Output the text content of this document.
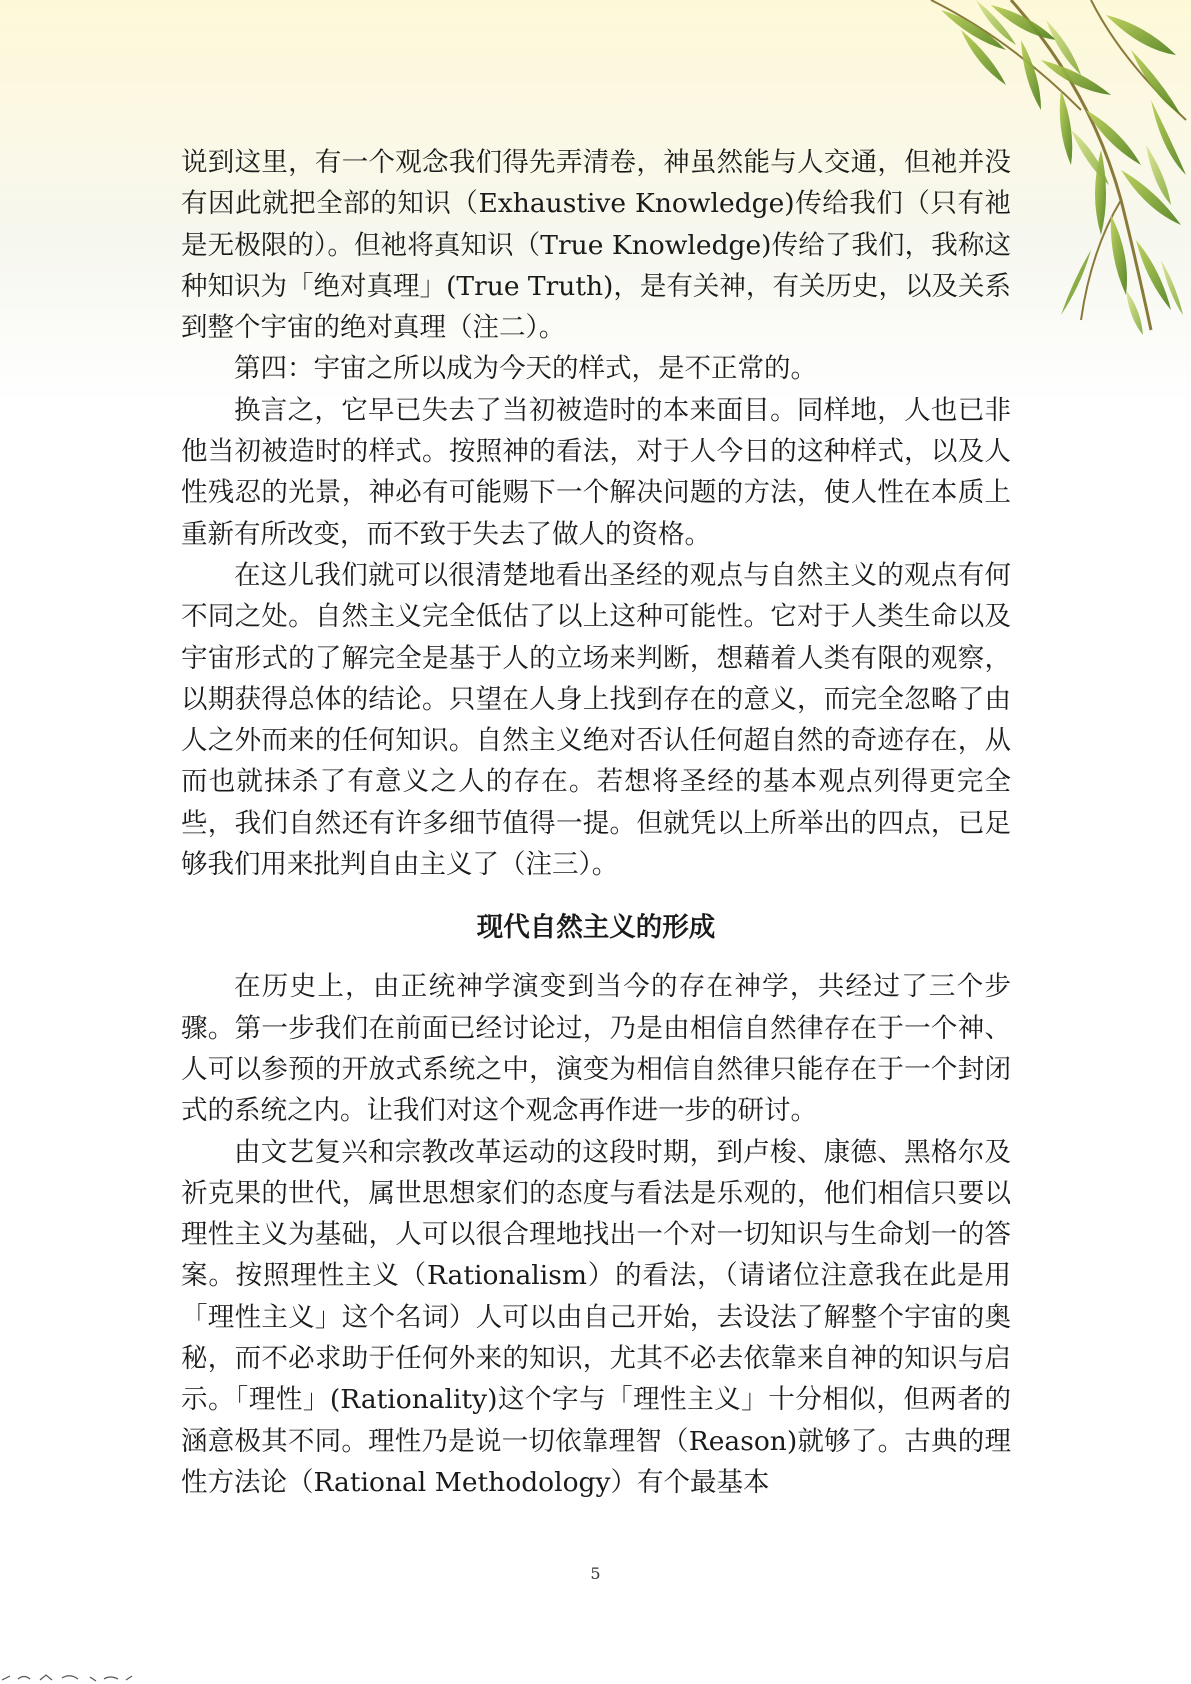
说到这里，有一个观念我们得先弄清卷，神虽然能与人交通，但祂并没有因此就把全部的知识（Exhaustive Knowledge)传给我们（只有祂是无极限的）。但祂将真知识（True Knowledge)传给了我们，我称这种知识为「绝对真理」(True Truth)，是有关神，有关历史，以及关系到整个宇宙的绝对真理（注二）。

第四：宇宙之所以成为今天的样式，是不正常的。

换言之，它早已失去了当初被造时的本来面目。同样地，人也已非他当初被造时的样式。按照神的看法，对于人今日的这种样式，以及人性残忍的光景，神必有可能赐下一个解决问题的方法，使人性在本质上重新有所改变，而不致于失去了做人的资格。

在这儿我们就可以很清楚地看出圣经的观点与自然主义的观点有何不同之处。自然主义完全低估了以上这种可能性。它对于人类生命以及宇宙形式的了解完全是基于人的立场来判断，想藉着人类有限的观察，以期获得总体的结论。只望在人身上找到存在的意义，而完全忽略了由人之外而来的任何知识。自然主义绝对否认任何超自然的奇迹存在，从而也就抹杀了有意义之人的存在。若想将圣经的基本观点列得更完全些，我们自然还有许多细节值得一提。但就凭以上所举出的四点，已足够我们用来批判自由主义了（注三）。

现代自然主义的形成

在历史上，由正统神学演变到当今的存在神学，共经过了三个步骤。第一步我们在前面已经讨论过，乃是由相信自然律存在于一个神、人可以参预的开放式系统之中，演变为相信自然律只能存在于一个封闭式的系统之内。让我们对这个观念再作进一步的研讨。

由文艺复兴和宗教改革运动的这段时期，到卢梭、康德、黑格尔及祈克果的世代，属世思想家们的态度与看法是乐观的，他们相信只要以理性主义为基础，人可以很合理地找出一个对一切知识与生命划一的答案。按照理性主义（Rationalism）的看法，（请诸位注意我在此是用「理性主义」这个名词）人可以由自己开始，去设法了解整个宇宙的奥秘，而不必求助于任何外来的知识，尤其不必去依靠来自神的知识与启示。「理性」(Rationality)这个字与「理性主义」十分相似，但两者的涵意极其不同。理性乃是说一切依靠理智（Reason)就够了。古典的理性方法论（Rational Methodology）有个最基本

5
